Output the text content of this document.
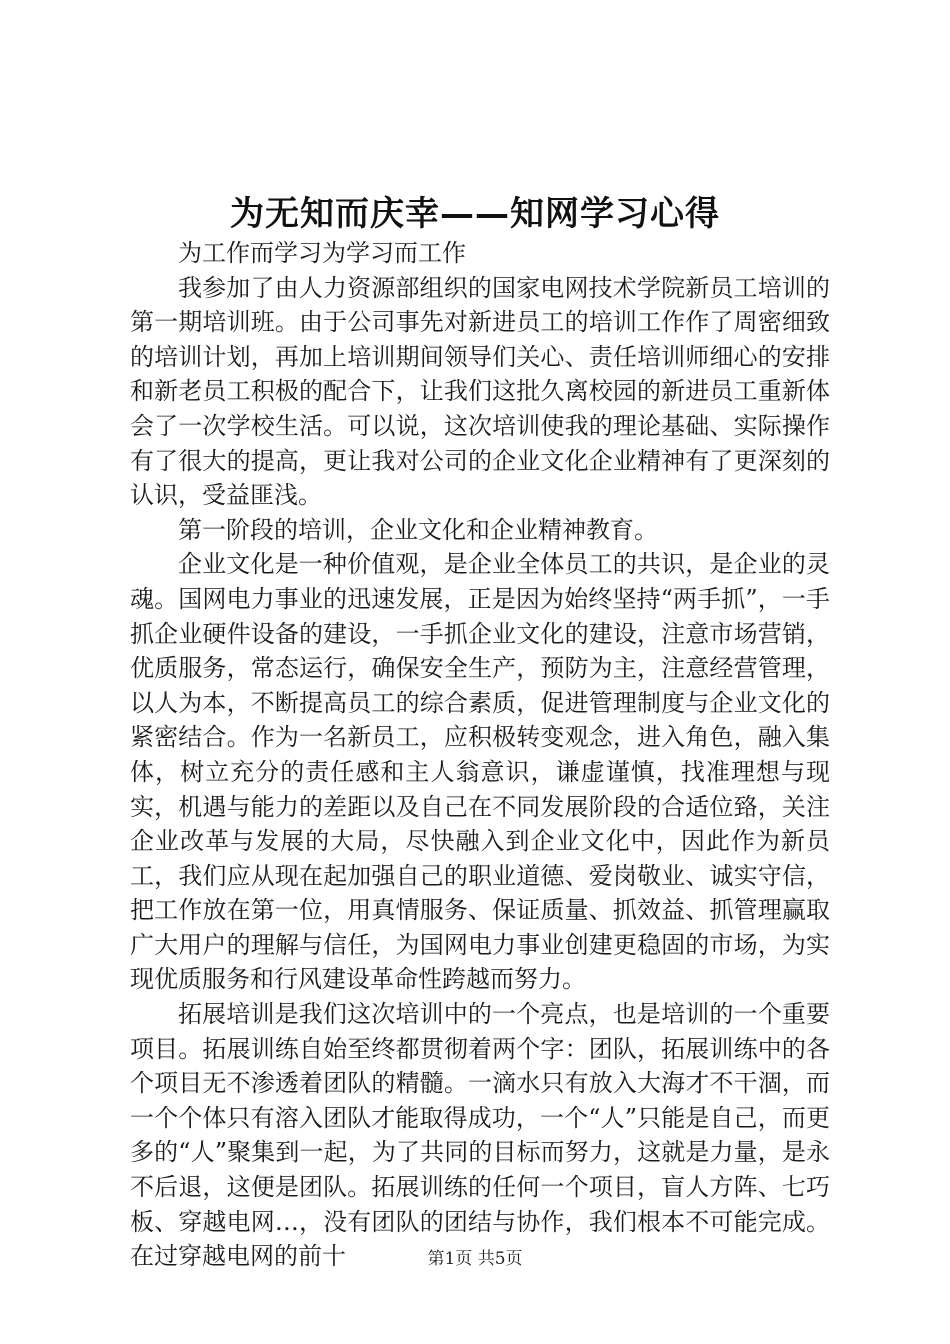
为无知而庆幸——知网学习心得

为工作而学习为学习而工作

我参加了由人力资源部组织的国家电网技术学院新员工培训的第一期培训班。由于公司事先对新进员工的培训工作作了周密细致的培训计划，再加上培训期间领导们关心、责任培训师细心的安排和新老员工积极的配合下，让我们这批久离校园的新进员工重新体会了一次学校生活。可以说，这次培训使我的理论基础、实际操作有了很大的提高，更让我对公司的企业文化企业精神有了更深刻的认识，受益匪浅。

第一阶段的培训，企业文化和企业精神教育。

企业文化是一种价值观，是企业全体员工的共识，是企业的灵魂。国网电力事业的迅速发展，正是因为始终坚持“两手抓”，一手抓企业硬件设备的建设，一手抓企业文化的建设，注意市场营销，优质服务，常态运行，确保安全生产，预防为主，注意经营管理，以人为本，不断提高员工的综合素质，促进管理制度与企业文化的紧密结合。作为一名新员工，应积极转变观念，进入角色，融入集体，树立充分的责任感和主人翁意识，谦虚谨慎，找准理想与现实，机遇与能力的差距以及自己在不同发展阶段的合适位臵，关注企业改革与发展的大局，尽快融入到企业文化中，因此作为新员工，我们应从现在起加强自己的职业道德、爱岗敬业、诚实守信，把工作放在第一位，用真情服务、保证质量、抓效益、抓管理赢取广大用户的理解与信任，为国网电力事业创建更稳固的市场，为实现优质服务和行风建设革命性跨越而努力。

拓展培训是我们这次培训中的一个亮点，也是培训的一个重要项目。拓展训练自始至终都贯彻着两个字：团队，拓展训练中的各个项目无不渗透着团队的精髓。一滴水只有放入大海才不干涸，而一个个体只有溶入团队才能取得成功，一个“人”只能是自己，而更多的“人”聚集到一起，为了共同的目标而努力，这就是力量，是永不后退，这便是团队。拓展训练的任何一个项目，盲人方阵、七巧板、穿越电网…，没有团队的团结与协作，我们根本不可能完成。在过穿越电网的前十	第1页 共5页
